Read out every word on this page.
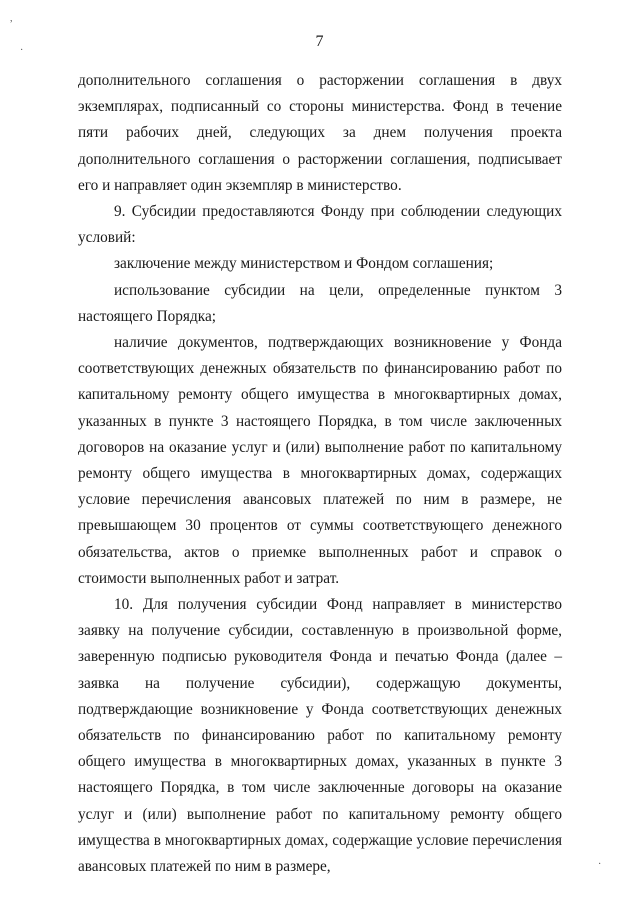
7

дополнительного соглашения о расторжении соглашения в двух экземплярах, подписанный со стороны министерства. Фонд в течение пяти рабочих дней, следующих за днем получения проекта дополнительного соглашения о расторжении соглашения, подписывает его и направляет один экземпляр в министерство.

9. Субсидии предоставляются Фонду при соблюдении следующих условий:

заключение между министерством и Фондом соглашения;

использование субсидии на цели, определенные пунктом 3 настоящего Порядка;

наличие документов, подтверждающих возникновение у Фонда соответствующих денежных обязательств по финансированию работ по капитальному ремонту общего имущества в многоквартирных домах, указанных в пункте 3 настоящего Порядка, в том числе заключенных договоров на оказание услуг и (или) выполнение работ по капитальному ремонту общего имущества в многоквартирных домах, содержащих условие перечисления авансовых платежей по ним в размере, не превышающем 30 процентов от суммы соответствующего денежного обязательства, актов о приемке выполненных работ и справок о стоимости выполненных работ и затрат.

10. Для получения субсидии Фонд направляет в министерство заявку на получение субсидии, составленную в произвольной форме, заверенную подписью руководителя Фонда и печатью Фонда (далее – заявка на получение субсидии), содержащую документы, подтверждающие возникновение у Фонда соответствующих денежных обязательств по финансированию работ по капитальному ремонту общего имущества в многоквартирных домах, указанных в пункте 3 настоящего Порядка, в том числе заключенные договоры на оказание услуг и (или) выполнение работ по капитальному ремонту общего имущества в многоквартирных домах, содержащие условие перечисления авансовых платежей по ним в размере,

,
·
·
